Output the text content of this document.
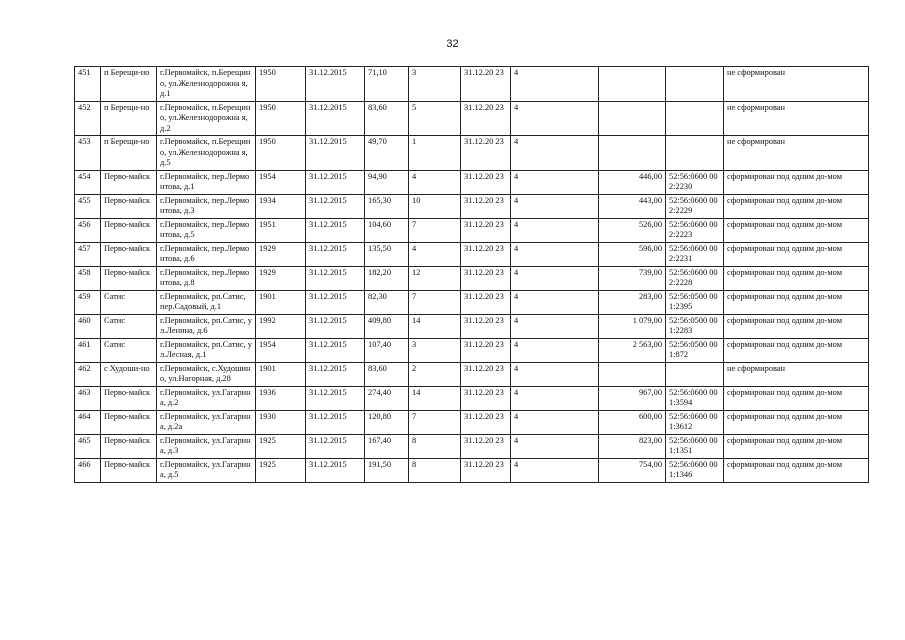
32
451	п Берещи-но	г.Первомайск, п.Берещино, ул.Железнодорожна я, д.1	1950	31.12.2015	71,10	3	31.12.20 23	4			не сформирован
452	п Берещи-но	г.Первомайск, п.Берещино, ул.Железнодорожна я, д.2	1950	31.12.2015	83,60	5	31.12.20 23	4			не сформирован
453	п Берещи-но	г.Первомайск, п.Берещино, ул.Железнодорожна я, д.5	1950	31.12.2015	49,70	1	31.12.20 23	4			не сформирован
454	Перво-майск	г.Первомайск, пер.Лермонтова, д.1	1954	31.12.2015	94,90	4	31.12.20 23	4	446,00	52:56:0600 002:2230	сформирован под одним до-мом
455	Перво-майск	г.Первомайск, пер.Лермонтова, д.3	1934	31.12.2015	165,30	10	31.12.20 23	4	443,00	52:56:0600 002:2229	сформирован под одним до-мом
456	Перво-майск	г.Первомайск, пер.Лермонтова, д.5	1951	31.12.2015	104,60	7	31.12.20 23	4	526,00	52:56:0600 002:2223	сформирован под одним до-мом
457	Перво-майск	г.Первомайск, пер.Лермонтова, д.6	1929	31.12.2015	135,50	4	31.12.20 23	4	596,00	52:56:0600 002:2231	сформирован под одним до-мом
458	Перво-майск	г.Первомайск, пер.Лермонтова, д.8	1929	31.12.2015	182,20	12	31.12.20 23	4	739,00	52:56:0600 002:2228	сформирован под одним до-мом
459	Сатис	г.Первомайск, рп.Сатис, пер.Садовый, д.1	1901	31.12.2015	82,30	7	31.12.20 23	4	283,00	52:56:0500 001:2395	сформирован под одним до-мом
460	Сатис	г.Первомайск, рп.Сатис, ул.Ленина, д.6	1992	31.12.2015	409,80	14	31.12.20 23	4	1 079,00	52:56:0500 001:2283	сформирован под одним до-мом
461	Сатис	г.Первомайск, рп.Сатис, ул.Лесная, д.1	1954	31.12.2015	107,40	3	31.12.20 23	4	2 563,00	52:56:0500 001:872	сформирован под одним до-мом
462	с Худоши-но	г.Первомайск, с.Худошино, ул.Нагорная, д.28	1901	31.12.2015	83,60	2	31.12.20 23	4			не сформирован
463	Перво-майск	г.Первомайск, ул.Гагарина, д.2	1936	31.12.2015	274,40	14	31.12.20 23	4	967,00	52:56:0600 001:3594	сформирован под одним до-мом
464	Перво-майск	г.Первомайск, ул.Гагарина, д.2а	1930	31.12.2015	120,80	7	31.12.20 23	4	600,00	52:56:0600 001:3612	сформирован под одним до-мом
465	Перво-майск	г.Первомайск, ул.Гагарина, д.3	1925	31.12.2015	167,40	8	31.12.20 23	4	823,00	52:56:0600 001:1351	сформирован под одним до-мом
466	Перво-майск	г.Первомайск, ул.Гагарина, д.5	1925	31.12.2015	191,50	8	31.12.20 23	4	754,00	52:56:0600 001:1346	сформирован под одним до-мом
